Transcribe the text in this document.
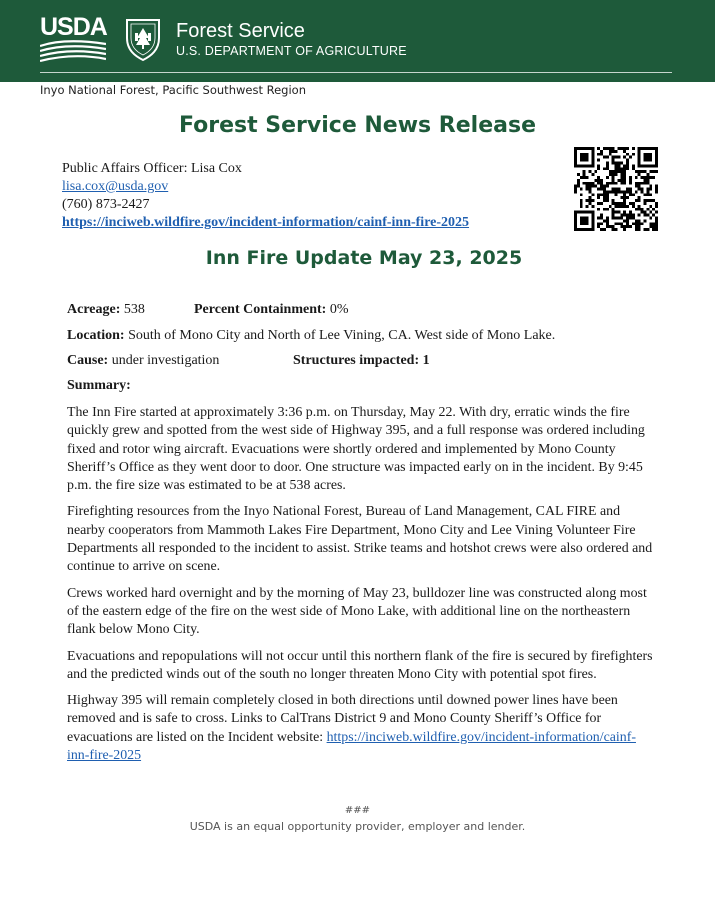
USDA	Forest Service
U.S. DEPARTMENT OF AGRICULTURE
Inyo National Forest, Pacific Southwest Region
Forest Service News Release
Public Affairs Officer: Lisa Cox
lisa.cox@usda.gov
(760) 873-2427
https://inciweb.wildfire.gov/incident-information/cainf-inn-fire-2025
Inn Fire Update May 23, 2025
Acreage: 538	Percent Containment: 0%
Location: South of Mono City and North of Lee Vining, CA. West side of Mono Lake.
Cause: under investigation	Structures impacted: 1
Summary:

The Inn Fire started at approximately 3:36 p.m. on Thursday, May 22. With dry, erratic winds the fire quickly grew and spotted from the west side of Highway 395, and a full response was ordered including fixed and rotor wing aircraft. Evacuations were shortly ordered and implemented by Mono County Sheriff’s Office as they went door to door. One structure was impacted early on in the incident. By 9:45 p.m. the fire size was estimated to be at 538 acres.

Firefighting resources from the Inyo National Forest, Bureau of Land Management, CAL FIRE and nearby cooperators from Mammoth Lakes Fire Department, Mono City and Lee Vining Volunteer Fire Departments all responded to the incident to assist. Strike teams and hotshot crews were also ordered and continue to arrive on scene.

Crews worked hard overnight and by the morning of May 23, bulldozer line was constructed along most of the eastern edge of the fire on the west side of Mono Lake, with additional line on the northeastern flank below Mono City.

Evacuations and repopulations will not occur until this northern flank of the fire is secured by firefighters and the predicted winds out of the south no longer threaten Mono City with potential spot fires.

Highway 395 will remain completely closed in both directions until downed power lines have been removed and is safe to cross. Links to CalTrans District 9 and Mono County Sheriff’s Office for evacuations are listed on the Incident website: https://inciweb.wildfire.gov/incident-information/cainf-inn-fire-2025

###
USDA is an equal opportunity provider, employer and lender.
